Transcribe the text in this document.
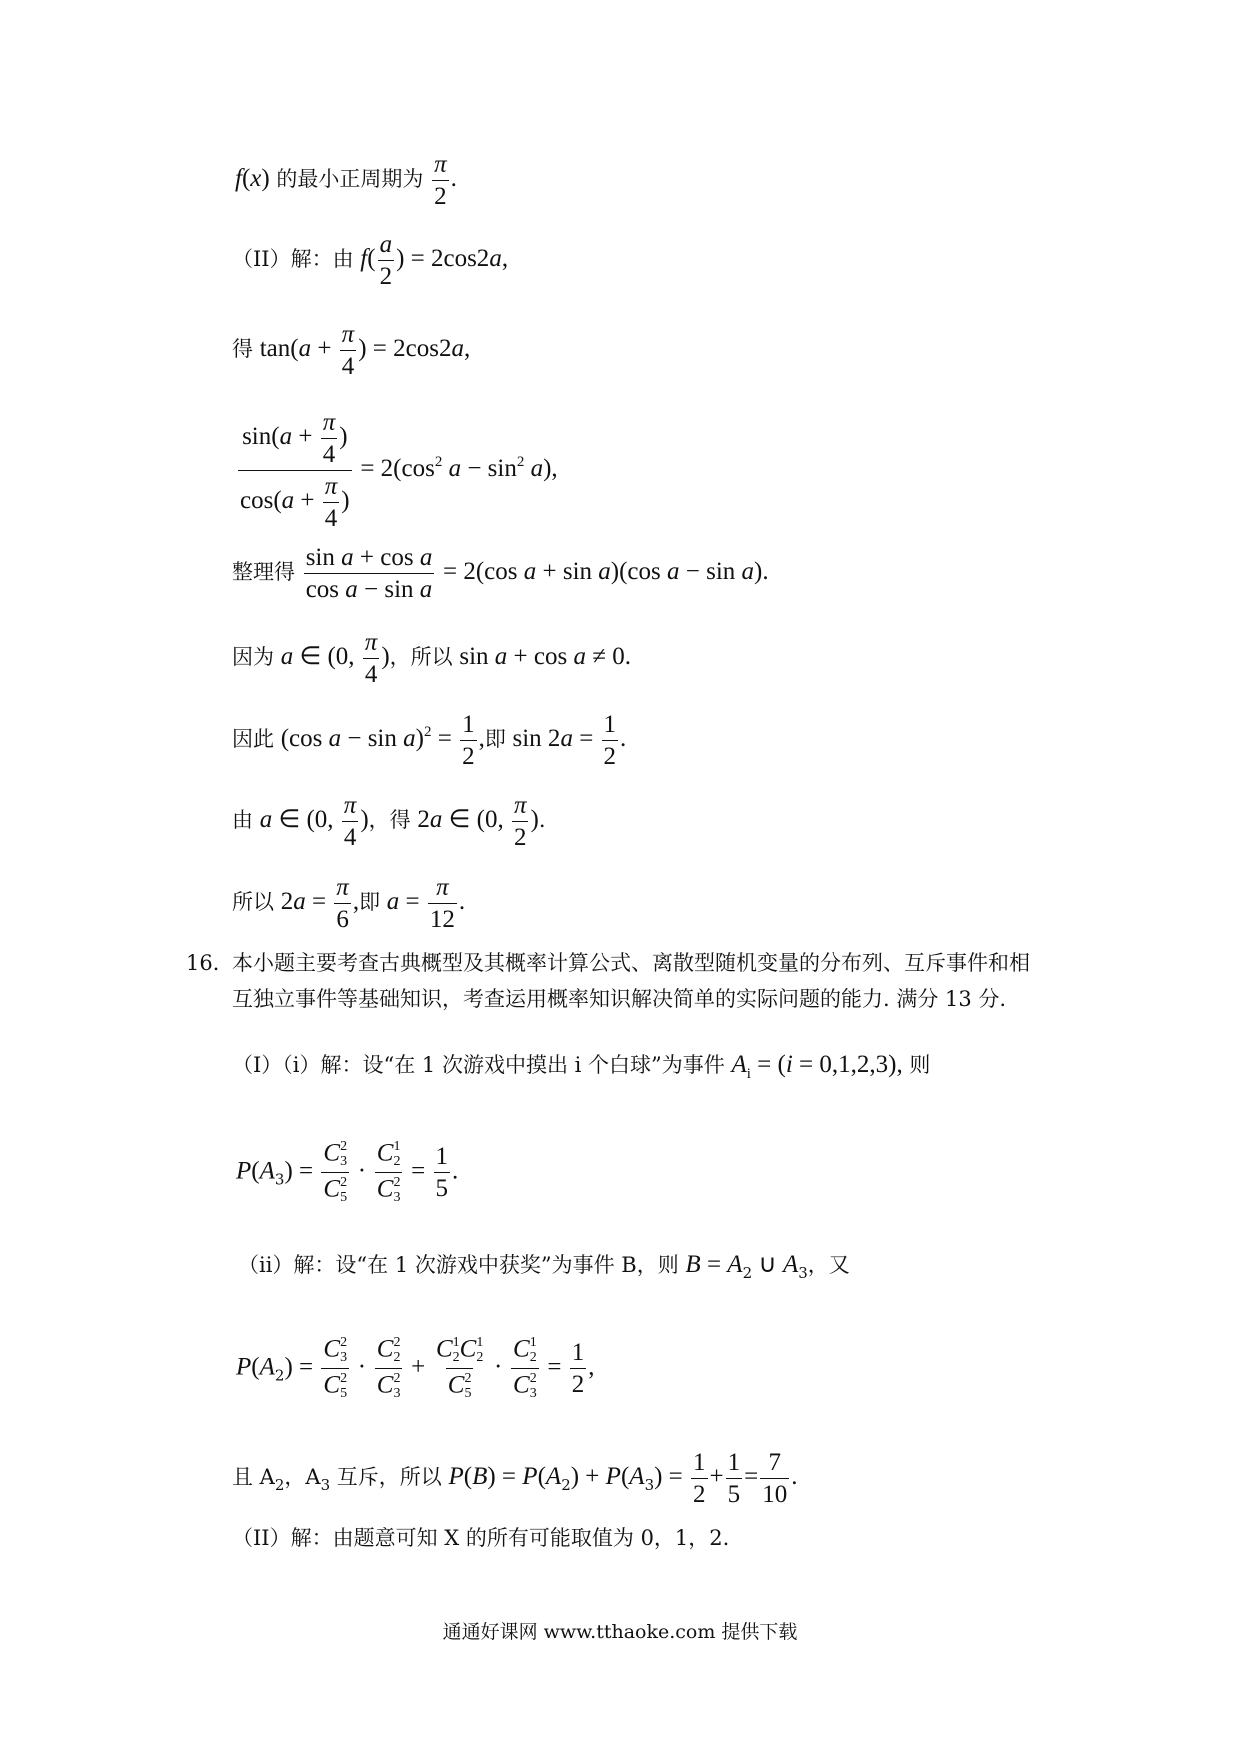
f(x) 的最小正周期为 $\frac{\pi}{2}$ .
（II）解：由 $f( \frac{a}{2}$ ) = 2cos2a,
得 $\tan(a + \frac{\pi}{4}$ ) = 2cos2a,
$\frac{\sin(a + \frac{\pi}{4} )}{\cos(a + \frac{\pi}{4} )} = 2(\cos^2$ $a - \sin^2 a$),
整理得 $\frac{\text{sin a + cos a}}{\text{cos a − sin a}} = 2(\cos$ a + sin a)(cos a − sin a).
因为 a ∈ (0, $\frac{\pi}{4}$ )，所以 sin a + cos a ≠ 0.
因此 (cos $a - \sin a)^2 = \frac{1}{2}$ ,即 $\sin 2a = \frac{1}{2}$ .
由 a ∈ (0, $\frac{\pi}{4}$ )，得 2a ∈ (0, $\frac{\pi}{2}$ ).
所以 $2a = \frac{\pi}{6}$ ,即 $a = \frac{\pi}{12}$ .
16．
本小题主要考查古典概型及其概率计算公式、离散型随机变量的分布列、互斥事件和相
互独立事件等基础知识，考查运用概率知识解决简单的实际问题的能力. 满分 13 分.
（I）（i）解：设“在 1 次游戏中摸出 i 个白球”为事件 $A_i = (i = 0,1,2,3)$, 则
$P(A_3) = C$ 2
3
C 2
5 · C 1
2
C 2
$3 = \frac{1}{5}$ .
（ii）解：设“在 1 次游戏中获奖”为事件 B，则 $B = A_2$ ∪ $A_3$，又
$P(A_2) = C$ 2
3
C 2
5 · C 2
2
C 2
3 + C 1
2 C 1
2
C 2
5 · C 1
2
C 2
$3 = \frac{1}{2}$ ,
且 $A_2$，$A_3$ 互斥，所以 $P(B) = P(A_2) + P(A_3) = \frac{1}{2} + \frac{1}{5} = \frac{7}{10}$ .
（II）解：由题意可知 X 的所有可能取值为 0，1，2.
通通好课网 www.tthaoke.com 提供下载
